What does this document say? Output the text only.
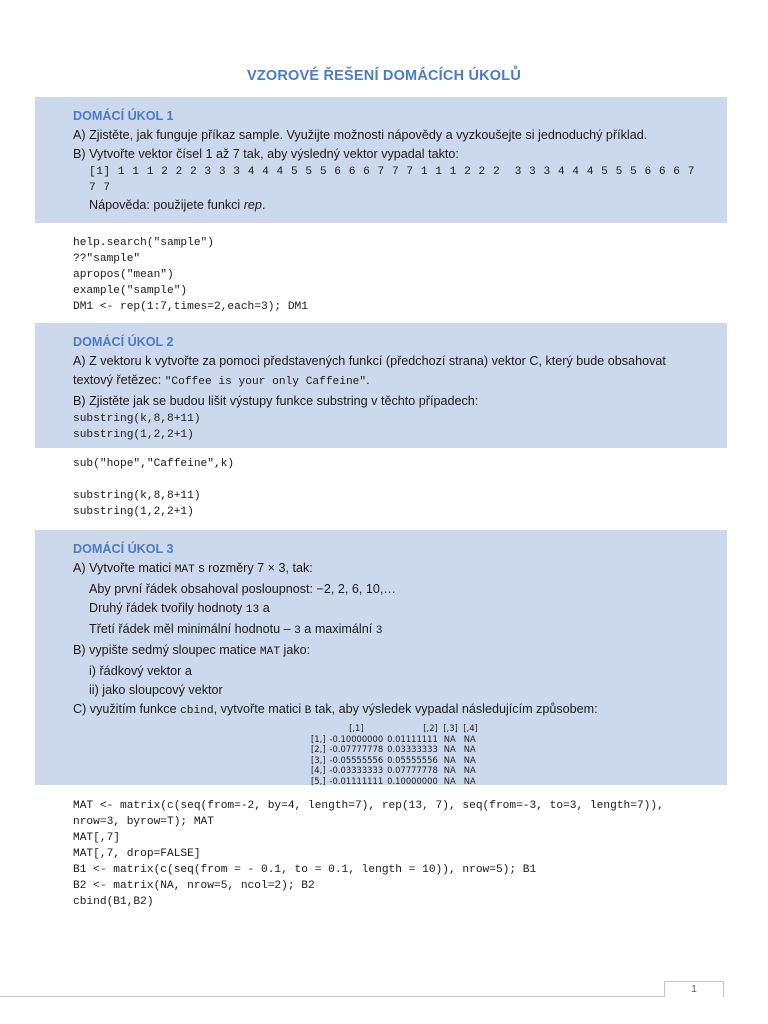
VZOROVÉ ŘEŠENÍ DOMÁCÍCH ÚKOLŮ
DOMÁCÍ ÚKOL 1
A) Zjistěte, jak funguje příkaz sample. Využijte možnosti nápovědy a vyzkoušejte si jednoduchý příklad.
B) Vytvořte vektor čísel 1 až 7 tak, aby výsledný vektor vypadal takto:
[1] 1 1 1 2 2 2 3 3 3 4 4 4 5 5 5 6 6 6 7 7 7 1 1 1 2 2 2  3 3 3 4 4 4 5 5 5 6 6 6 7 7 7
Nápověda: použijete funkci rep.
help.search("sample")
??"sample"
apropos("mean")
example("sample")
DM1 <- rep(1:7,times=2,each=3); DM1
DOMÁCÍ ÚKOL 2
A) Z vektoru k vytvořte za pomoci představených funkcí (předchozí strana) vektor C, který bude obsahovat
textový řetězec: "Coffee is your only Caffeine".
B) Zjistěte jak se budou lišit výstupy funkce substring v těchto případech:
substring(k,8,8+11)
substring(1,2,2+1)
sub("hope","Caffeine",k)
substring(k,8,8+11)
substring(1,2,2+1)
DOMÁCÍ ÚKOL 3
A) Vytvořte matici MAT s rozměry 7 × 3, tak:
Aby první řádek obsahoval posloupnost: −2, 2, 6, 10,…
Druhý řádek tvořily hodnoty 13 a
Třetí řádek měl minimální hodnotu – 3 a maximální 3
B) vypište sedmý sloupec matice MAT jako:
i) řádkový vektor a
ii) jako sloupcový vektor
C) využitím funkce cbind, vytvořte matici B tak, aby výsledek vypadal následujícím způsobem:
	[,1]	[,2]	[,3]	[,4]
[1,]	-0.10000000	0.01111111	NA	NA
[2,]	-0.07777778	0.03333333	NA	NA
[3,]	-0.05555556	0.05555556	NA	NA
[4,]	-0.03333333	0.07777778	NA	NA
[5,]	-0.01111111	0.10000000	NA	NA
MAT <- matrix(c(seq(from=-2, by=4, length=7), rep(13, 7), seq(from=-3, to=3, length=7)), nrow=3, byrow=T); MAT
MAT[,7]
MAT[,7, drop=FALSE]
B1 <- matrix(c(seq(from = - 0.1, to = 0.1, length = 10)), nrow=5); B1
B2 <- matrix(NA, nrow=5, ncol=2); B2
cbind(B1,B2)
1
